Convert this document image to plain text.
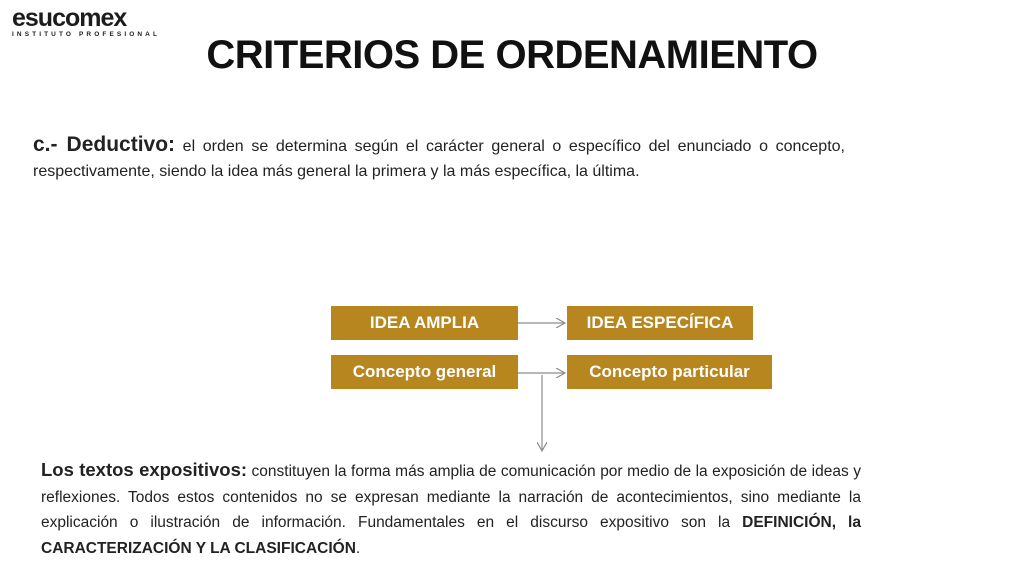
esucomex
INSTITUTO PROFESIONAL	CRITERIOS DE ORDENAMIENTO
c.- Deductivo: el orden se determina según el carácter general o específico del enunciado o concepto, respectivamente, siendo la idea más general la primera y la más específica, la última.
IDEA AMPLIA	IDEA ESPECÍFICA
Concepto general	Concepto particular
Los textos expositivos: constituyen la forma más amplia de comunicación por medio de la exposición de ideas y reflexiones. Todos estos contenidos no se expresan mediante la narración de acontecimientos, sino mediante la explicación o ilustración de información. Fundamentales en el discurso expositivo son la DEFINICIÓN, la CARACTERIZACIÓN Y LA CLASIFICACIÓN.
